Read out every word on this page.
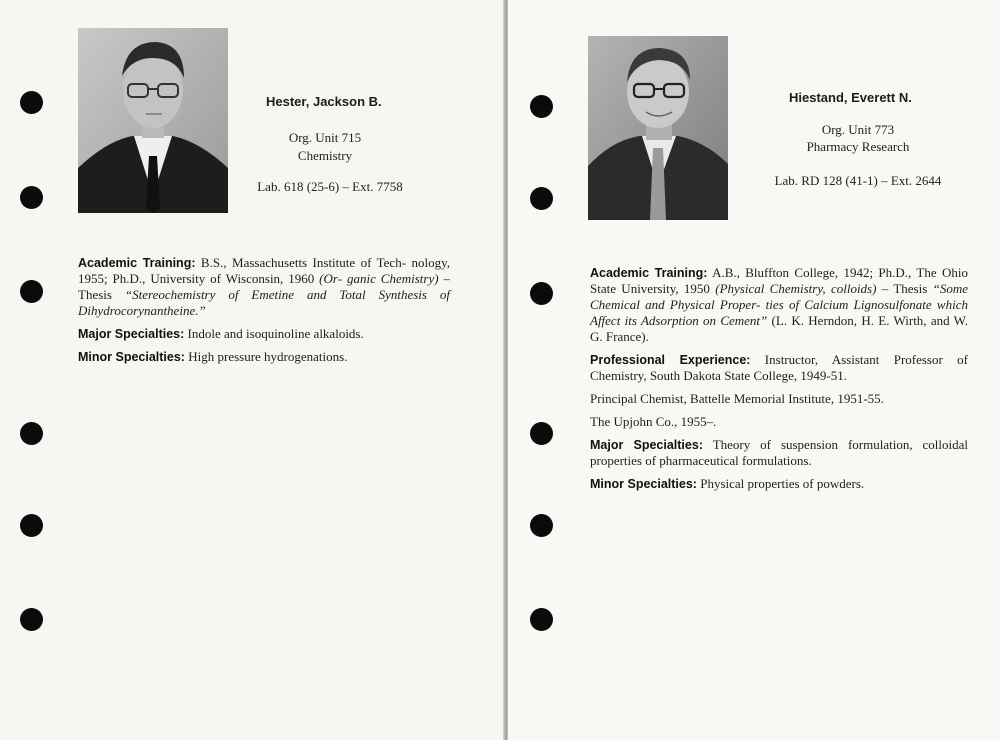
Hester, Jackson B.
Org. Unit 715
Chemistry
Lab. 618 (25-6) – Ext. 7758

Academic Training: B.S., Massachusetts Institute of Tech- nology, 1955; Ph.D., University of Wisconsin, 1960 (Or- ganic Chemistry) – Thesis “Stereochemistry of Emetine and Total Synthesis of Dihydrocorynantheine.”

Major Specialties: Indole and isoquinoline alkaloids.

Minor Specialties: High pressure hydrogenations.

Hiestand, Everett N.
Org. Unit 773
Pharmacy Research
Lab. RD 128 (41-1) – Ext. 2644

Academic Training: A.B., Bluffton College, 1942; Ph.D., The Ohio State University, 1950 (Physical Chemistry, colloids) – Thesis “Some Chemical and Physical Proper- ties of Calcium Lignosulfonate which Affect its Adsorption on Cement” (L. K. Herndon, H. E. Wirth, and W. G. France).

Professional Experience: Instructor, Assistant Professor of Chemistry, South Dakota State College, 1949-51.

Principal Chemist, Battelle Memorial Institute, 1951-55.

The Upjohn Co., 1955–.

Major Specialties: Theory of suspension formulation, colloidal properties of pharmaceutical formulations.

Minor Specialties: Physical properties of powders.
